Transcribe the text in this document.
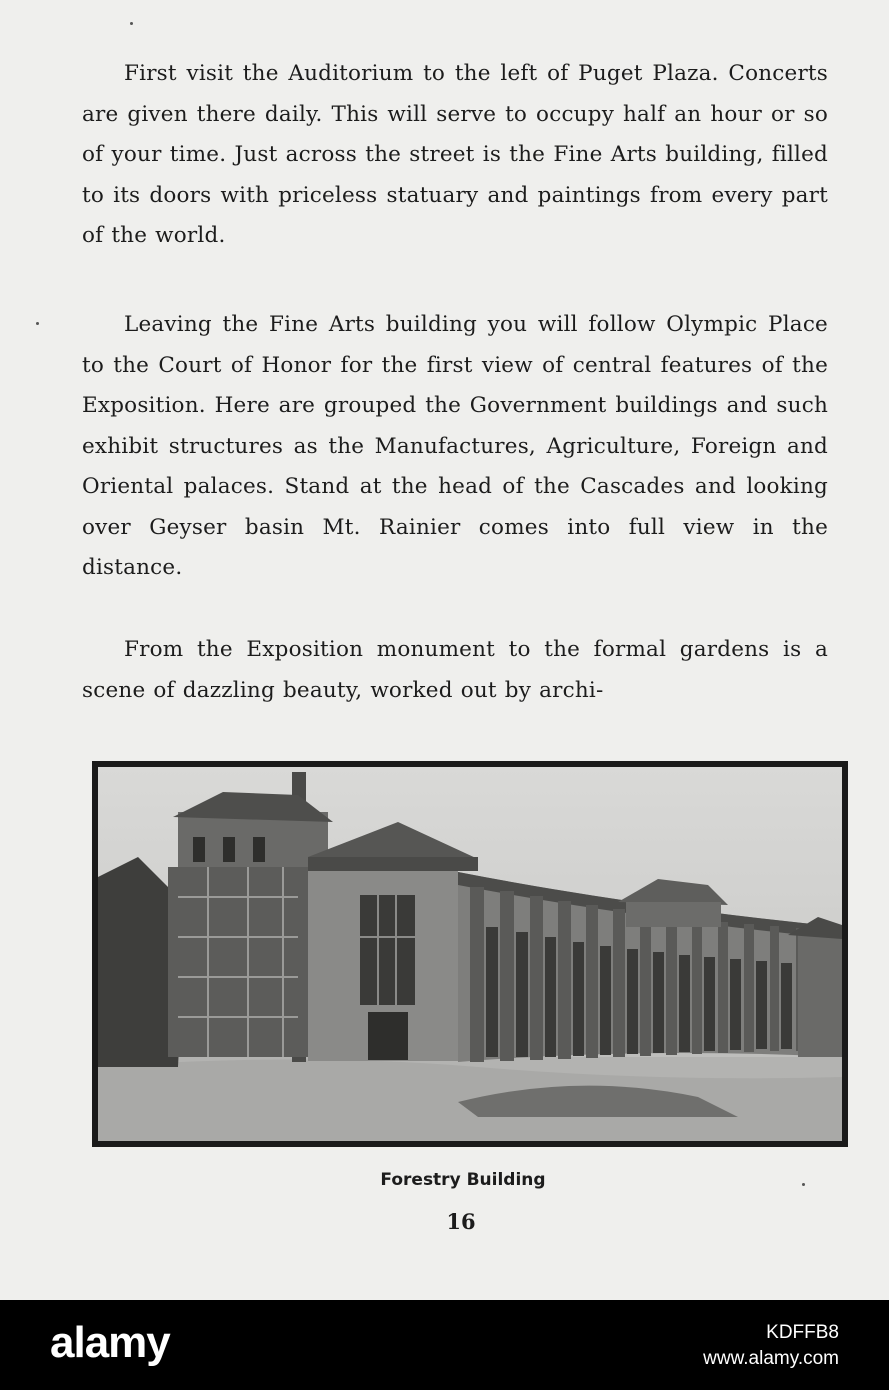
First visit the Auditorium to the left of Puget Plaza. Concerts are given there daily. This will serve to occupy half an hour or so of your time. Just across the street is the Fine Arts building, filled to its doors with priceless statuary and paintings from every part of the world.

Leaving the Fine Arts building you will follow Olympic Place to the Court of Honor for the first view of central features of the Exposition. Here are grouped the Government buildings and such exhibit structures as the Manufactures, Agriculture, Foreign and Oriental palaces. Stand at the head of the Cascades and looking over Geyser basin Mt. Rainier comes into full view in the distance.

From the Exposition monument to the formal gardens is a scene of dazzling beauty, worked out by archi-

Forestry Building
16
alamy	KDFFB8
www.alamy.com
